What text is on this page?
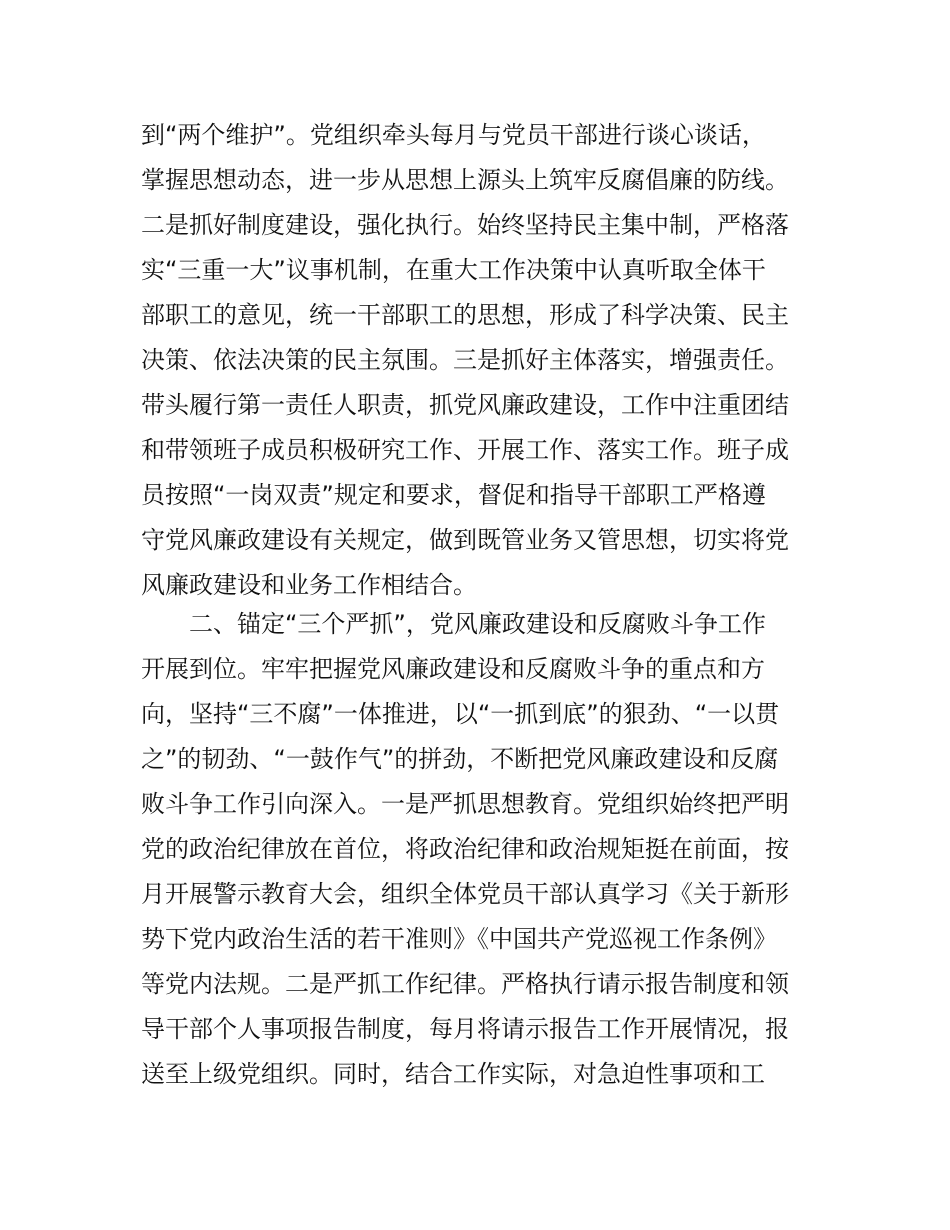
到“两个维护”。党组织牵头每月与党员干部进行谈心谈话，
掌握思想动态，进一步从思想上源头上筑牢反腐倡廉的防线。
二是抓好制度建设，强化执行。始终坚持民主集中制，严格落
实“三重一大”议事机制，在重大工作决策中认真听取全体干
部职工的意见，统一干部职工的思想，形成了科学决策、民主
决策、依法决策的民主氛围。三是抓好主体落实，增强责任。
带头履行第一责任人职责，抓党风廉政建设，工作中注重团结
和带领班子成员积极研究工作、开展工作、落实工作。班子成
员按照“一岗双责”规定和要求，督促和指导干部职工严格遵
守党风廉政建设有关规定，做到既管业务又管思想，切实将党
风廉政建设和业务工作相结合。
二、锚定“三个严抓”，党风廉政建设和反腐败斗争工作
开展到位。牢牢把握党风廉政建设和反腐败斗争的重点和方
向，坚持“三不腐”一体推进，以“一抓到底”的狠劲、“一以贯
之”的韧劲、“一鼓作气”的拼劲，不断把党风廉政建设和反腐
败斗争工作引向深入。一是严抓思想教育。党组织始终把严明
党的政治纪律放在首位，将政治纪律和政治规矩挺在前面，按
月开展警示教育大会，组织全体党员干部认真学习《关于新形
势下党内政治生活的若干准则》《中国共产党巡视工作条例》
等党内法规。二是严抓工作纪律。严格执行请示报告制度和领
导干部个人事项报告制度，每月将请示报告工作开展情况，报
送至上级党组织。同时，结合工作实际，对急迫性事项和工
